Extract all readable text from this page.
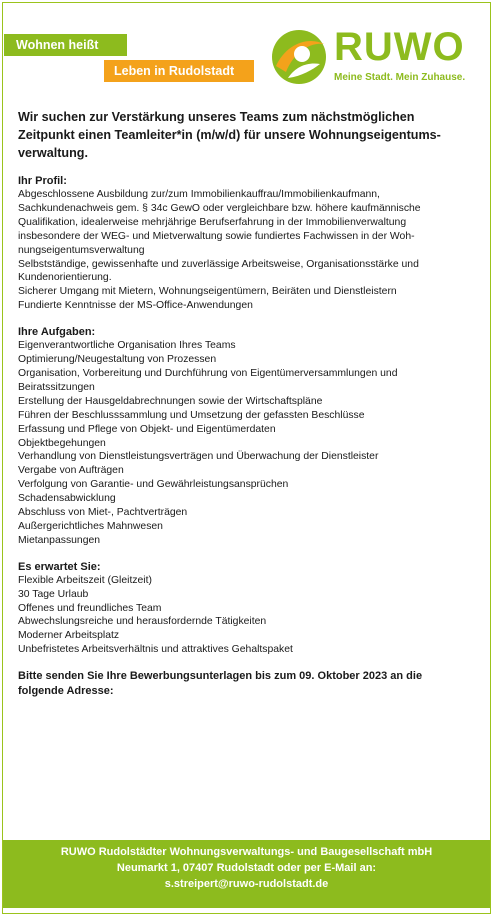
Wohnen heißt
Leben in Rudolstadt
RUWO
Meine Stadt. Mein Zuhause.
Wir suchen zur Verstärkung unseres Teams zum nächstmöglichen
Zeitpunkt einen Teamleiter*in (m/w/d) für unsere Wohnungseigentums-
verwaltung.
Ihr Profil:
Abgeschlossene Ausbildung zur/zum Immobilienkauffrau/Immobilienkaufmann,
Sachkundenachweis gem. § 34c GewO oder vergleichbare bzw. höhere kaufmännische
Qualifikation, idealerweise mehrjährige Berufserfahrung in der Immobilienverwaltung
insbesondere der WEG- und Mietverwaltung sowie fundiertes Fachwissen in der Woh-
nungseigentumsverwaltung
Selbstständige, gewissenhafte und zuverlässige Arbeitsweise, Organisationsstärke und
Kundenorientierung.
Sicherer Umgang mit Mietern, Wohnungseigentümern, Beiräten und Dienstleistern
Fundierte Kenntnisse der MS-Office-Anwendungen
Ihre Aufgaben:
Eigenverantwortliche Organisation Ihres Teams
Optimierung/Neugestaltung von Prozessen
Organisation, Vorbereitung und Durchführung von Eigentümerversammlungen und
Beiratssitzungen
Erstellung der Hausgeldabrechnungen sowie der Wirtschaftspläne
Führen der Beschlusssammlung und Umsetzung der gefassten Beschlüsse
Erfassung und Pflege von Objekt- und Eigentümerdaten
Objektbegehungen
Verhandlung von Dienstleistungsverträgen und Überwachung der Dienstleister
Vergabe von Aufträgen
Verfolgung von Garantie- und Gewährleistungsansprüchen
Schadensabwicklung
Abschluss von Miet-, Pachtverträgen
Außergerichtliches Mahnwesen
Mietanpassungen
Es erwartet Sie:
Flexible Arbeitszeit (Gleitzeit)
30 Tage Urlaub
Offenes und freundliches Team
Abwechslungsreiche und herausfordernde Tätigkeiten
Moderner Arbeitsplatz
Unbefristetes Arbeitsverhältnis und attraktives Gehaltspaket
Bitte senden Sie Ihre Bewerbungsunterlagen bis zum 09. Oktober 2023 an die
folgende Adresse:
RUWO Rudolstädter Wohnungsverwaltungs- und Baugesellschaft mbH
Neumarkt 1, 07407 Rudolstadt oder per E-Mail an:
s.streipert@ruwo-rudolstadt.de
